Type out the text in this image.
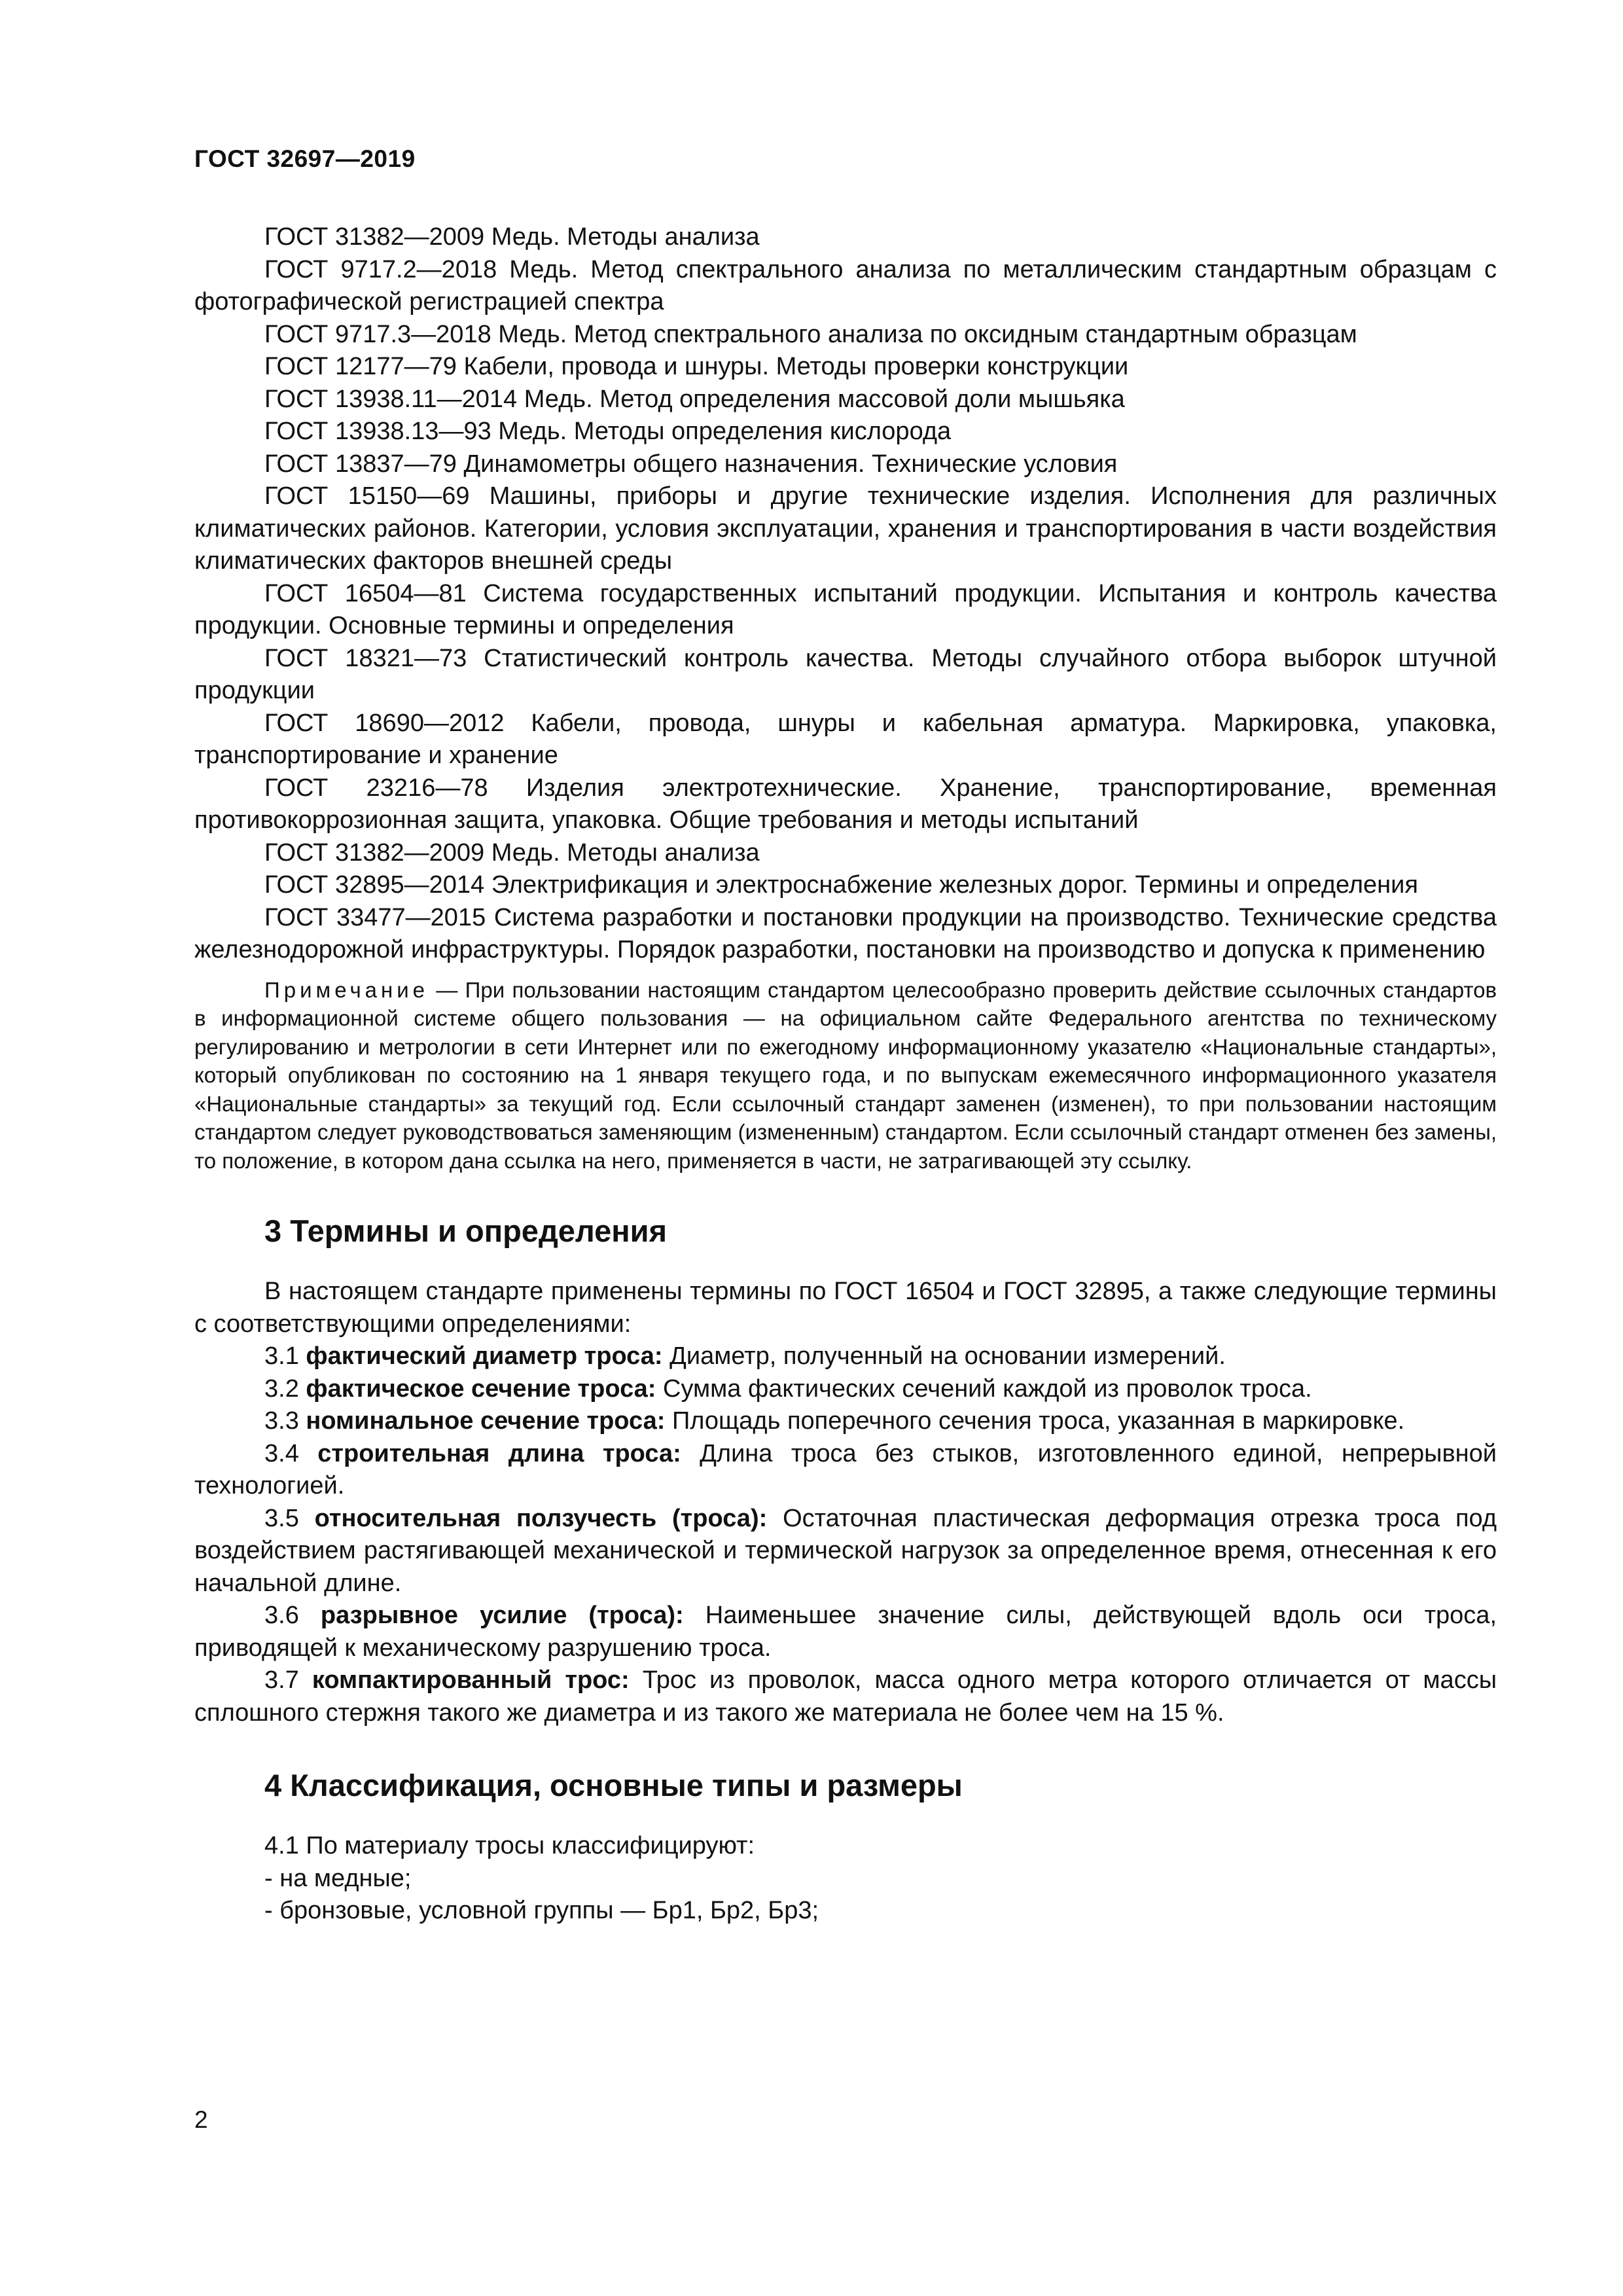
ГОСТ 32697—2019

ГОСТ 31382—2009 Медь. Методы анализа

ГОСТ 9717.2—2018 Медь. Метод спектрального анализа по металлическим стандартным образцам с фотографической регистрацией спектра

ГОСТ 9717.3—2018 Медь. Метод спектрального анализа по оксидным стандартным образцам

ГОСТ 12177—79 Кабели, провода и шнуры. Методы проверки конструкции

ГОСТ 13938.11—2014 Медь. Метод определения массовой доли мышьяка

ГОСТ 13938.13—93 Медь. Методы определения кислорода

ГОСТ 13837—79 Динамометры общего назначения. Технические условия

ГОСТ 15150—69 Машины, приборы и другие технические изделия. Исполнения для различных климатических районов. Категории, условия эксплуатации, хранения и транспортирования в части воздействия климатических факторов внешней среды

ГОСТ 16504—81 Система государственных испытаний продукции. Испытания и контроль качества продукции. Основные термины и определения

ГОСТ 18321—73 Статистический контроль качества. Методы случайного отбора выборок штучной продукции

ГОСТ 18690—2012 Кабели, провода, шнуры и кабельная арматура. Маркировка, упаковка, транспортирование и хранение

ГОСТ 23216—78 Изделия электротехнические. Хранение, транспортирование, временная противокоррозионная защита, упаковка. Общие требования и методы испытаний

ГОСТ 31382—2009 Медь. Методы анализа

ГОСТ 32895—2014 Электрификация и электроснабжение железных дорог. Термины и определения

ГОСТ 33477—2015 Система разработки и постановки продукции на производство. Технические средства железнодорожной инфраструктуры. Порядок разработки, постановки на производство и допуска к применению

Примечание — При пользовании настоящим стандартом целесообразно проверить действие ссылочных стандартов в информационной системе общего пользования — на официальном сайте Федерального агентства по техническому регулированию и метрологии в сети Интернет или по ежегодному информационному указателю «Национальные стандарты», который опубликован по состоянию на 1 января текущего года, и по выпускам ежемесячного информационного указателя «Национальные стандарты» за текущий год. Если ссылочный стандарт заменен (изменен), то при пользовании настоящим стандартом следует руководствоваться заменяющим (измененным) стандартом. Если ссылочный стандарт отменен без замены, то положение, в котором дана ссылка на него, применяется в части, не затрагивающей эту ссылку.
3 Термины и определения

В настоящем стандарте применены термины по ГОСТ 16504 и ГОСТ 32895, а также следующие термины с соответствующими определениями:

3.1 фактический диаметр троса: Диаметр, полученный на основании измерений.

3.2 фактическое сечение троса: Сумма фактических сечений каждой из проволок троса.

3.3 номинальное сечение троса: Площадь поперечного сечения троса, указанная в маркировке.

3.4 строительная длина троса: Длина троса без стыков, изготовленного единой, непрерывной технологией.

3.5 относительная ползучесть (троса): Остаточная пластическая деформация отрезка троса под воздействием растягивающей механической и термической нагрузок за определенное время, отнесенная к его начальной длине.

3.6 разрывное усилие (троса): Наименьшее значение силы, действующей вдоль оси троса, приводящей к механическому разрушению троса.

3.7 компактированный трос: Трос из проволок, масса одного метра которого отличается от массы сплошного стержня такого же диаметра и из такого же материала не более чем на 15 %.

4 Классификация, основные типы и размеры

4.1 По материалу тросы классифицируют:

- на медные;

- бронзовые, условной группы — Бр1, Бр2, Бр3;

2
